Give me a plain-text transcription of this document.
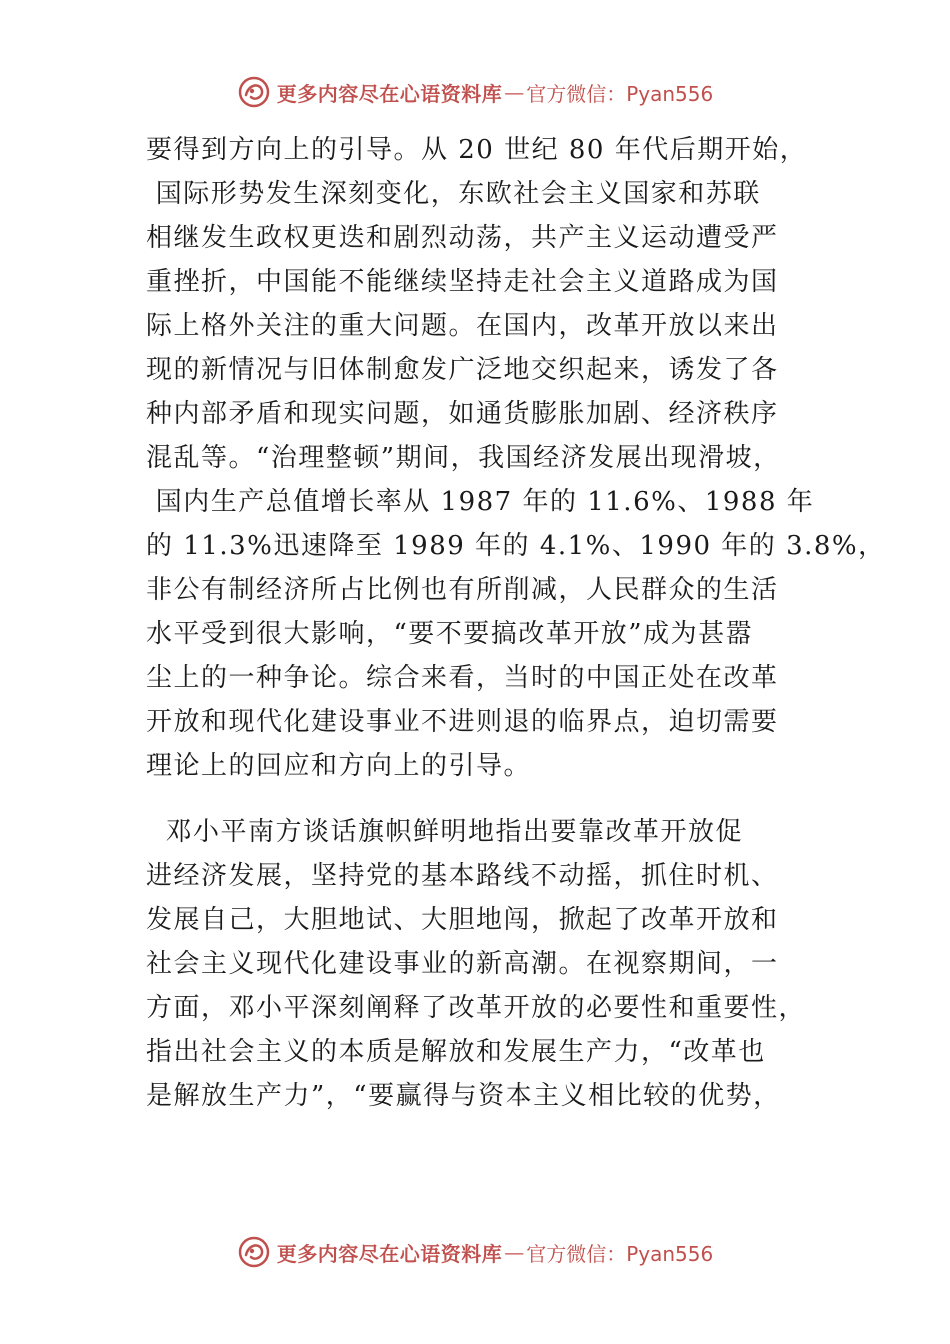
更多内容尽在心语资料库 — 官方微信：Pyan556
要得到方向上的引导。从 20 世纪 80 年代后期开始，
国际形势发生深刻变化，东欧社会主义国家和苏联
相继发生政权更迭和剧烈动荡，共产主义运动遭受严
重挫折，中国能不能继续坚持走社会主义道路成为国
际上格外关注的重大问题。在国内，改革开放以来出
现的新情况与旧体制愈发广泛地交织起来，诱发了各
种内部矛盾和现实问题，如通货膨胀加剧、经济秩序
混乱等。“治理整顿”期间，我国经济发展出现滑坡，
国内生产总值增长率从 1987 年的 11.6%、1988 年
的 11.3%迅速降至 1989 年的 4.1%、1990 年的 3.8%，
非公有制经济所占比例也有所削减，人民群众的生活
水平受到很大影响，“要不要搞改革开放”成为甚嚣
尘上的一种争论。综合来看，当时的中国正处在改革
开放和现代化建设事业不进则退的临界点，迫切需要
理论上的回应和方向上的引导。
邓小平南方谈话旗帜鲜明地指出要靠改革开放促
进经济发展，坚持党的基本路线不动摇，抓住时机、
发展自己，大胆地试、大胆地闯，掀起了改革开放和
社会主义现代化建设事业的新高潮。在视察期间，一
方面，邓小平深刻阐释了改革开放的必要性和重要性，
指出社会主义的本质是解放和发展生产力，“改革也
是解放生产力”，“要赢得与资本主义相比较的优势，
更多内容尽在心语资料库 — 官方微信：Pyan556
